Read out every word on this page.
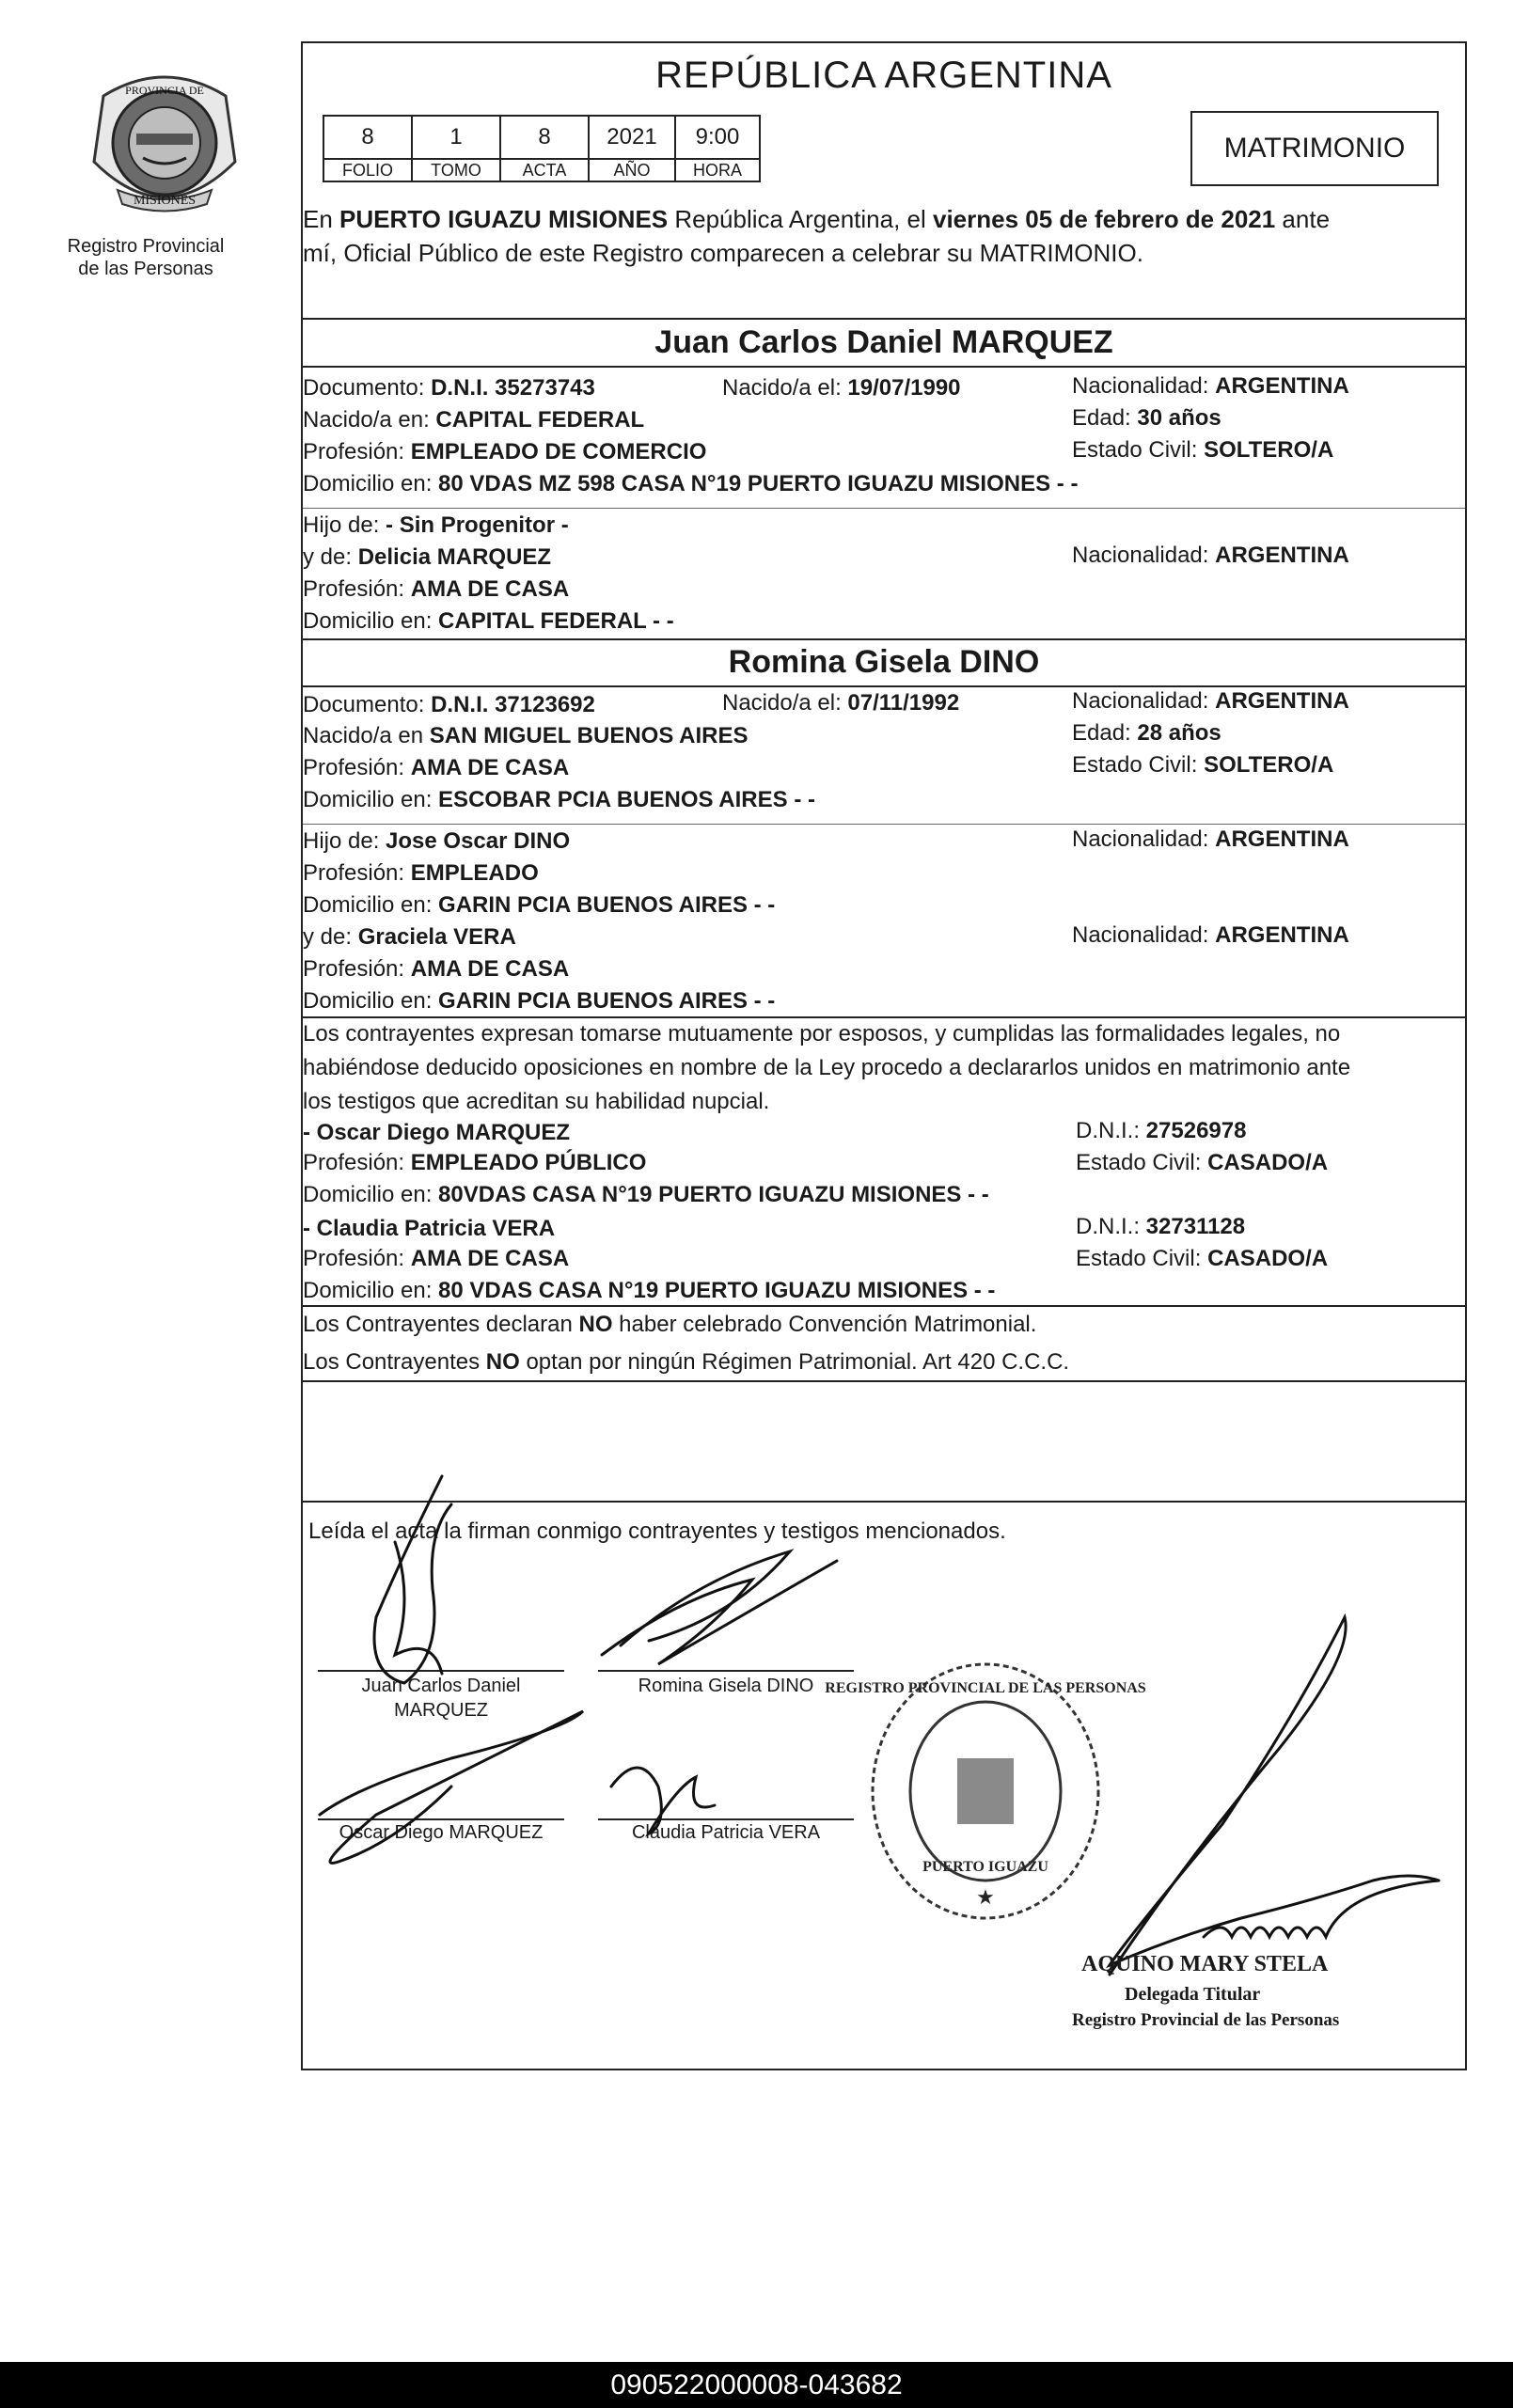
PROVINCIA DE
MISIONES
Registro Provincial
de las Personas
REPÚBLICA ARGENTINA
8	1	8	2021	9:00
FOLIO	TOMO	ACTA	AÑO	HORA
MATRIMONIO
En PUERTO IGUAZU MISIONES República Argentina, el viernes 05 de febrero de 2021 ante
mí, Oficial Público de este Registro comparecen a celebrar su MATRIMONIO.
Juan Carlos Daniel MARQUEZ
Documento: D.N.I. 35273743	Nacido/a el: 19/07/1990	Nacionalidad: ARGENTINA
Nacido/a en: CAPITAL FEDERAL	Edad: 30 años
Profesión: EMPLEADO DE COMERCIO	Estado Civil: SOLTERO/A
Domicilio en: 80 VDAS MZ 598 CASA N°19 PUERTO IGUAZU MISIONES - -
Hijo de: - Sin Progenitor -
y de: Delicia MARQUEZ	Nacionalidad: ARGENTINA
Profesión: AMA DE CASA
Domicilio en: CAPITAL FEDERAL - -
Romina Gisela DINO
Documento: D.N.I. 37123692	Nacido/a el: 07/11/1992	Nacionalidad: ARGENTINA
Nacido/a en SAN MIGUEL BUENOS AIRES	Edad: 28 años
Profesión: AMA DE CASA	Estado Civil: SOLTERO/A
Domicilio en: ESCOBAR PCIA BUENOS AIRES - -
Hijo de: Jose Oscar DINO	Nacionalidad: ARGENTINA
Profesión: EMPLEADO
Domicilio en: GARIN PCIA BUENOS AIRES - -
y de: Graciela VERA	Nacionalidad: ARGENTINA
Profesión: AMA DE CASA
Domicilio en: GARIN PCIA BUENOS AIRES - -
Los contrayentes expresan tomarse mutuamente por esposos, y cumplidas las formalidades legales, no
habiéndose deducido oposiciones en nombre de la Ley procedo a declararlos unidos en matrimonio ante
los testigos que acreditan su habilidad nupcial.
- Oscar Diego MARQUEZ	D.N.I.: 27526978
Profesión: EMPLEADO PÚBLICO	Estado Civil: CASADO/A
Domicilio en: 80VDAS CASA N°19 PUERTO IGUAZU MISIONES - -
- Claudia Patricia VERA	D.N.I.: 32731128
Profesión: AMA DE CASA	Estado Civil: CASADO/A
Domicilio en: 80 VDAS CASA N°19 PUERTO IGUAZU MISIONES - -
Los Contrayentes declaran NO haber celebrado Convención Matrimonial.
Los Contrayentes NO optan por ningún Régimen Patrimonial. Art 420 C.C.C.
Leída el acta la firman conmigo contrayentes y testigos mencionados.
Juan Carlos Daniel
MARQUEZ
Romina Gisela DINO
Oscar Diego MARQUEZ	Claudia Patricia VERA
REGISTRO PROVINCIAL DE LAS PERSONAS
PUERTO IGUAZU
★
AQUINO MARY STELA
Delegada Titular
Registro Provincial de las Personas
090522000008-043682
